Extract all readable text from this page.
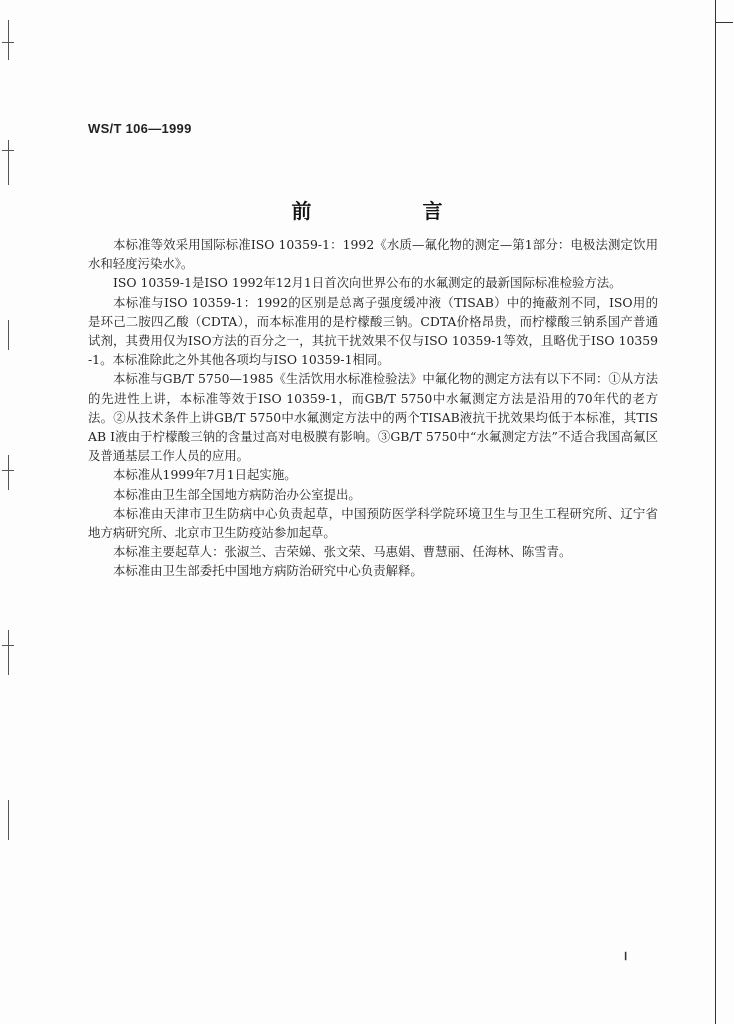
WS/T 106—1999
前 言

本标准等效采用国际标准ISO 10359-1：1992《水质—氟化物的测定—第1部分：电极法测定饮用水和轻度污染水》。

ISO 10359-1是ISO 1992年12月1日首次向世界公布的水氟测定的最新国际标准检验方法。

本标准与ISO 10359-1：1992的区别是总离子强度缓冲液（TISAB）中的掩蔽剂不同，ISO用的是环己二胺四乙酸（CDTA），而本标准用的是柠檬酸三钠。CDTA价格昂贵，而柠檬酸三钠系国产普通试剂，其费用仅为ISO方法的百分之一，其抗干扰效果不仅与ISO 10359-1等效，且略优于ISO 10359-1。本标准除此之外其他各项均与ISO 10359-1相同。

本标准与GB/T 5750—1985《生活饮用水标准检验法》中氟化物的测定方法有以下不同：①从方法的先进性上讲，本标准等效于ISO 10359-1，而GB/T 5750中水氟测定方法是沿用的70年代的老方法。②从技术条件上讲GB/T 5750中水氟测定方法中的两个TISAB液抗干扰效果均低于本标准，其TISAB Ⅰ液由于柠檬酸三钠的含量过高对电极膜有影响。③GB/T 5750中“水氟测定方法”不适合我国高氟区及普通基层工作人员的应用。

本标准从1999年7月1日起实施。

本标准由卫生部全国地方病防治办公室提出。

本标准由天津市卫生防病中心负责起草，中国预防医学科学院环境卫生与卫生工程研究所、辽宁省地方病研究所、北京市卫生防疫站参加起草。

本标准主要起草人：张淑兰、吉荣娣、张文荣、马惠娟、曹慧丽、任海林、陈雪青。

本标准由卫生部委托中国地方病防治研究中心负责解释。

Ⅰ
